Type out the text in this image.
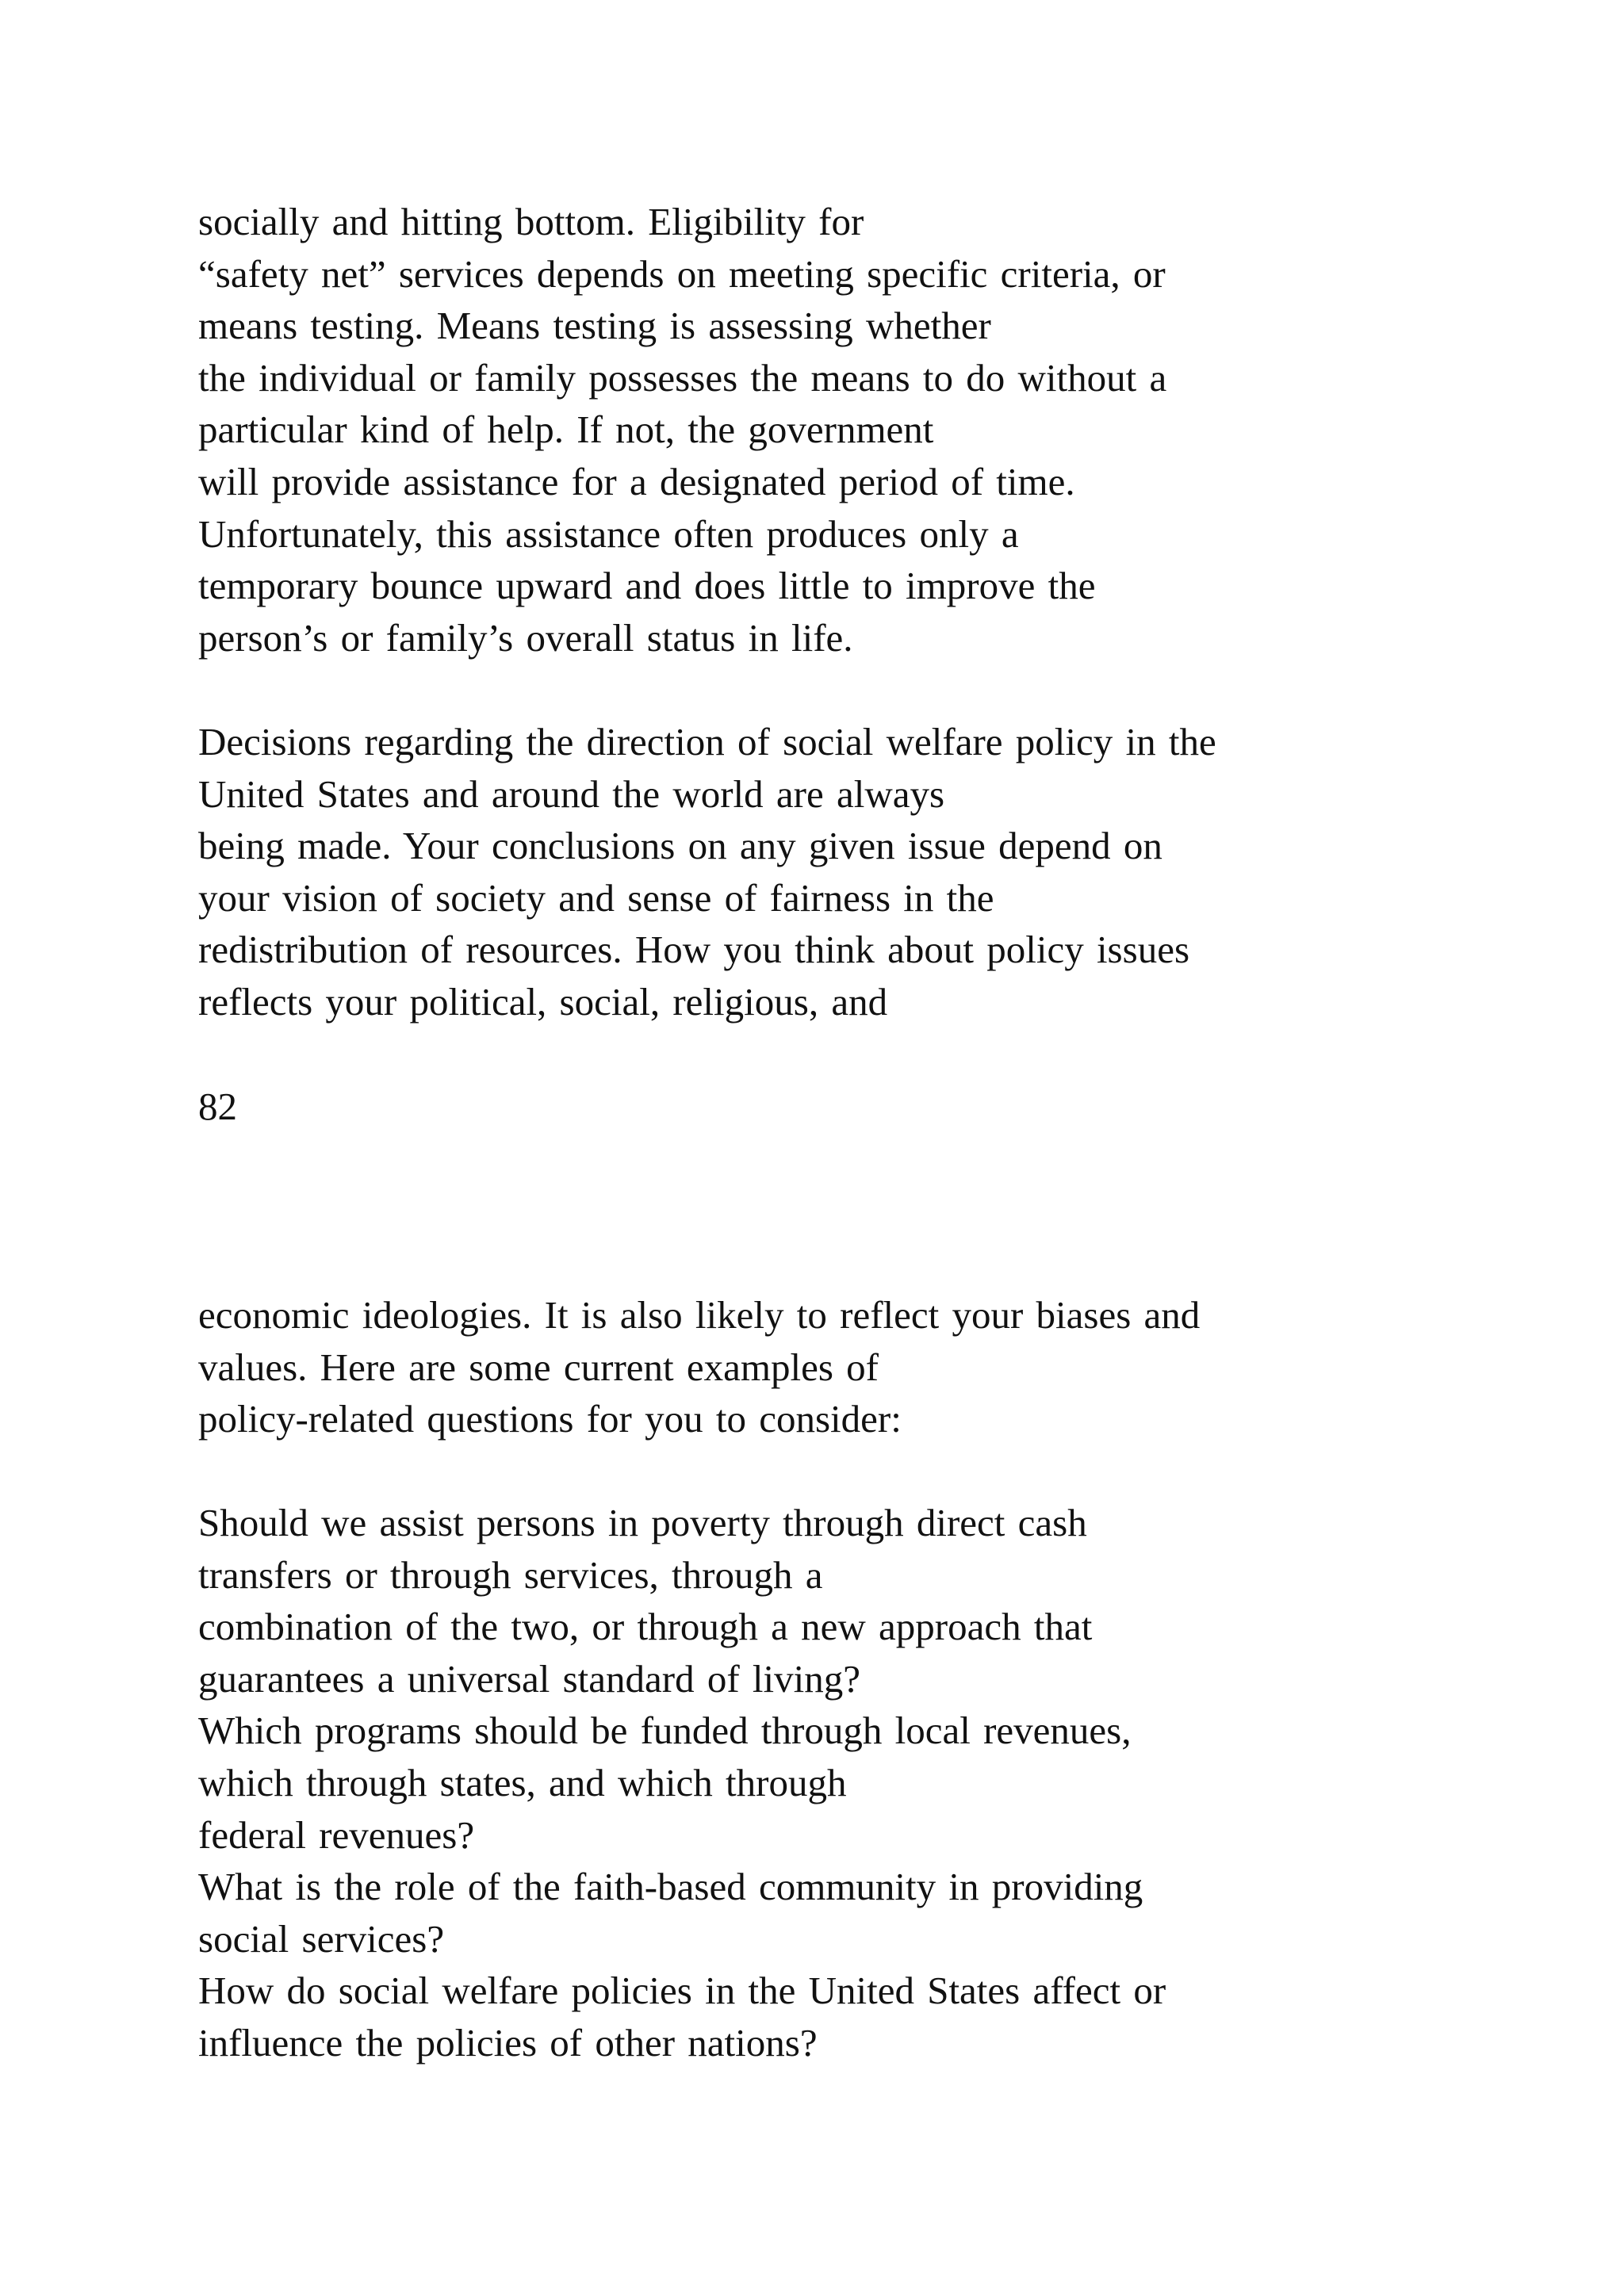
socially and hitting bottom. Eligibility for
“safety net” services depends on meeting specific criteria, or
means testing. Means testing is assessing whether
the individual or family possesses the means to do without a
particular kind of help. If not, the government
will provide assistance for a designated period of time.
Unfortunately, this assistance often produces only a
temporary bounce upward and does little to improve the
person’s or family’s overall status in life.
Decisions regarding the direction of social welfare policy in the
United States and around the world are always
being made. Your conclusions on any given issue depend on
your vision of society and sense of fairness in the
redistribution of resources. How you think about policy issues
reflects your political, social, religious, and
82
economic ideologies. It is also likely to reflect your biases and
values. Here are some current examples of
policy-related questions for you to consider:
Should we assist persons in poverty through direct cash
transfers or through services, through a
combination of the two, or through a new approach that
guarantees a universal standard of living?
Which programs should be funded through local revenues,
which through states, and which through
federal revenues?
What is the role of the faith-based community in providing
social services?
How do social welfare policies in the United States affect or
influence the policies of other nations?
